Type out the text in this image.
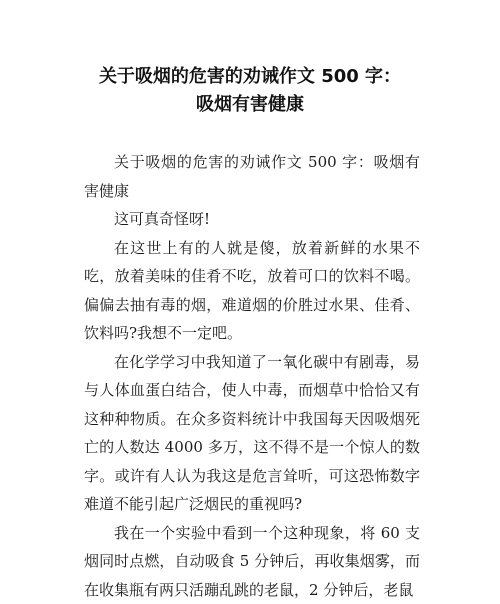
关于吸烟的危害的劝诫作文 500 字：
吸烟有害健康

关于吸烟的危害的劝诫作文 500 字：吸烟有害健康

这可真奇怪呀!

在这世上有的人就是傻，放着新鲜的水果不吃，放着美味的佳肴不吃，放着可口的饮料不喝。偏偏去抽有毒的烟，难道烟的价胜过水果、佳肴、饮料吗?我想不一定吧。

在化学学习中我知道了一氧化碳中有剧毒，易与人体血蛋白结合，使人中毒，而烟草中恰恰又有这种种物质。在众多资料统计中我国每天因吸烟死亡的人数达 4000 多万，这不得不是一个惊人的数字。或许有人认为我这是危言耸听，可这恐怖数字难道不能引起广泛烟民的重视吗?

我在一个实验中看到一个这种现象，将 60 支烟同时点燃，自动吸食 5 分钟后，再收集烟雾，而在收集瓶有两只活蹦乱跳的老鼠，2 分钟后，老鼠
